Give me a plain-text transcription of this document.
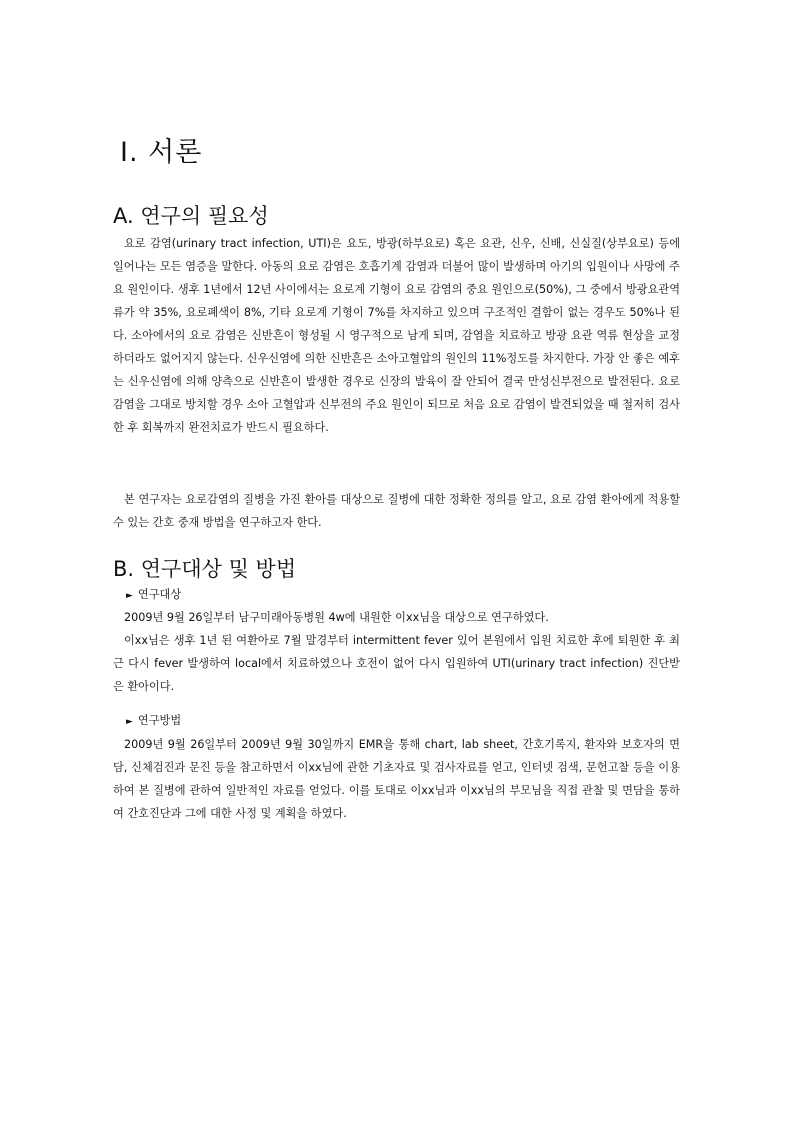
Ⅰ. 서론
A. 연구의 필요성

요로 감염(urinary tract infection, UTI)은 요도, 방광(하부요로) 혹은 요관, 신우, 신배, 신실질(상부요로) 등에 일어나는 모든 염증을 말한다. 아동의 요로 감염은 호흡기계 감염과 더불어 많이 발생하며 아기의 입원이나 사망에 주요 원인이다. 생후 1년에서 12년 사이에서는 요로계 기형이 요로 감염의 중요 원인으로(50%), 그 중에서 방광요관역류가 약 35%, 요로폐색이 8%, 기타 요로계 기형이 7%를 차지하고 있으며 구조적인 결함이 없는 경우도 50%나 된다. 소아에서의 요로 감염은 신반흔이 형성될 시 영구적으로 남게 되며, 감염을 치료하고 방광 요관 역류 현상을 교정하더라도 없어지지 않는다. 신우신염에 의한 신반흔은 소아고혈압의 원인의 11%정도를 차지한다. 가장 안 좋은 예후는 신우신염에 의해 양측으로 신반흔이 발생한 경우로 신장의 발육이 잘 안되어 결국 만성신부전으로 발전된다. 요로 감염을 그대로 방치할 경우 소아 고혈압과 신부전의 주요 원인이 되므로 처음 요로 감염이 발견되었을 때 철저히 검사한 후 회복까지 완전치료가 반드시 필요하다.

본 연구자는 요로감염의 질병을 가진 환아를 대상으로 질병에 대한 정확한 정의를 알고, 요로 감염 환아에게 적용할 수 있는 간호 중재 방법을 연구하고자 한다.

B. 연구대상 및 방법
► 연구대상

2009년 9월 26일부터 남구미래아동병원 4w에 내원한 이xx님을 대상으로 연구하였다.

이xx님은 생후 1년 된 여환아로 7월 말경부터 intermittent fever 있어 본원에서 입원 치료한 후에 퇴원한 후 최근 다시 fever 발생하여 local에서 치료하였으나 호전이 없어 다시 입원하여 UTI(urinary tract infection) 진단받은 환아이다.

► 연구방법

2009년 9월 26일부터 2009년 9월 30일까지 EMR을 통해 chart, lab sheet, 간호기록지, 환자와 보호자의 면담, 신체검진과 문진 등을 참고하면서 이xx님에 관한 기초자료 및 검사자료를 얻고, 인터넷 검색, 문헌고찰 등을 이용하여 본 질병에 관하여 일반적인 자료를 얻었다. 이를 토대로 이xx님과 이xx님의 부모님을 직접 관찰 및 면담을 통하여 간호진단과 그에 대한 사정 및 계획을 하였다.
